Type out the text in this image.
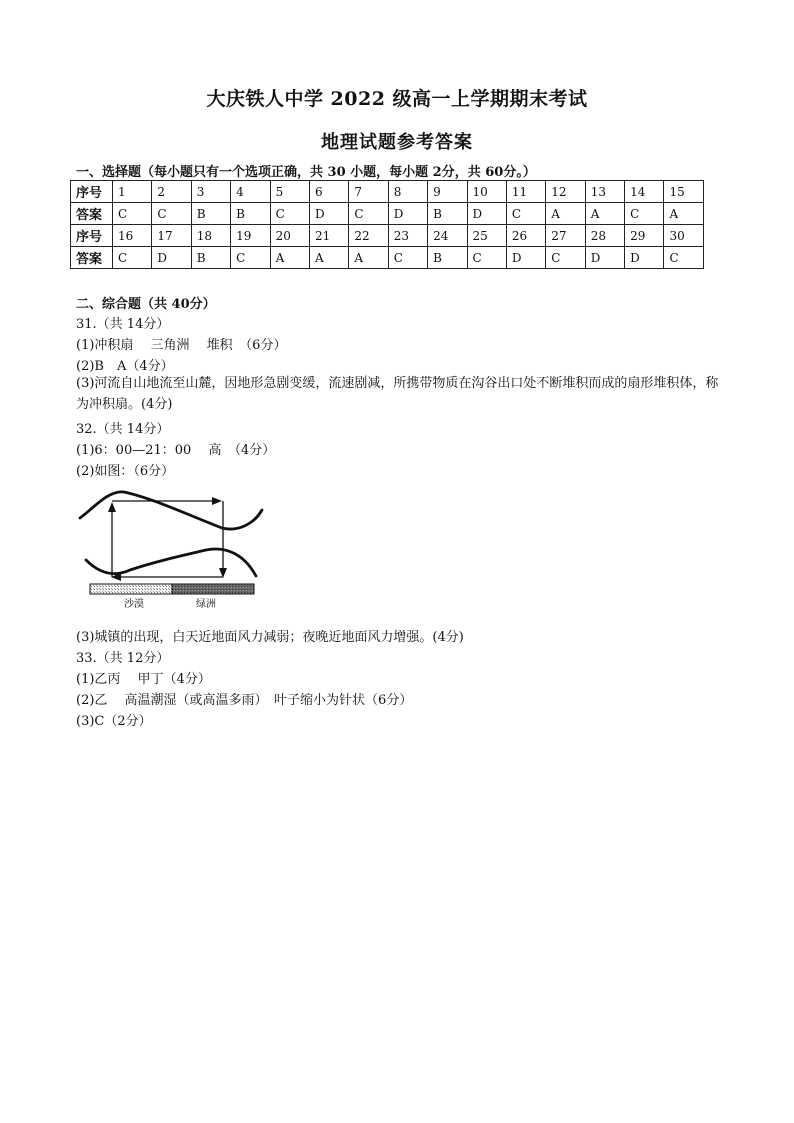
大庆铁人中学 2022 级高一上学期期末考试
地理试题参考答案
一、选择题（每小题只有一个选项正确，共 30 小题，每小题 2分，共 60分。）
序号	1	2	3	4	5	6	7	8	9	10	11	12	13	14	15
答案	C	C	B	B	C	D	C	D	B	D	C	A	A	C	A
序号	16	17	18	19	20	21	22	23	24	25	26	27	28	29	30
答案	C	D	B	C	A	A	A	C	B	C	D	C	D	D	C
二、综合题（共 40分）
31.（共 14分）
(1)冲积扇　 三角洲　 堆积　（6分）
(2)B　A（4分）
(3)河流自山地流至山麓，因地形急剧变缓，流速剧减，所携带物质在沟谷出口处不断堆积而成的扇形堆积体，称为冲积扇。(4分)
32.（共 14分）
(1)6：00—21：00　 高　（4分）
(2)如图：（6分）
沙漠	绿洲
(3)城镇的出现，白天近地面风力减弱；夜晚近地面风力增强。(4分)
33.（共 12分）
(1)乙丙　 甲丁（4分）
(2)乙　 高温潮湿（或高温多雨）　叶子缩小为针状（6分）
(3)C（2分）
